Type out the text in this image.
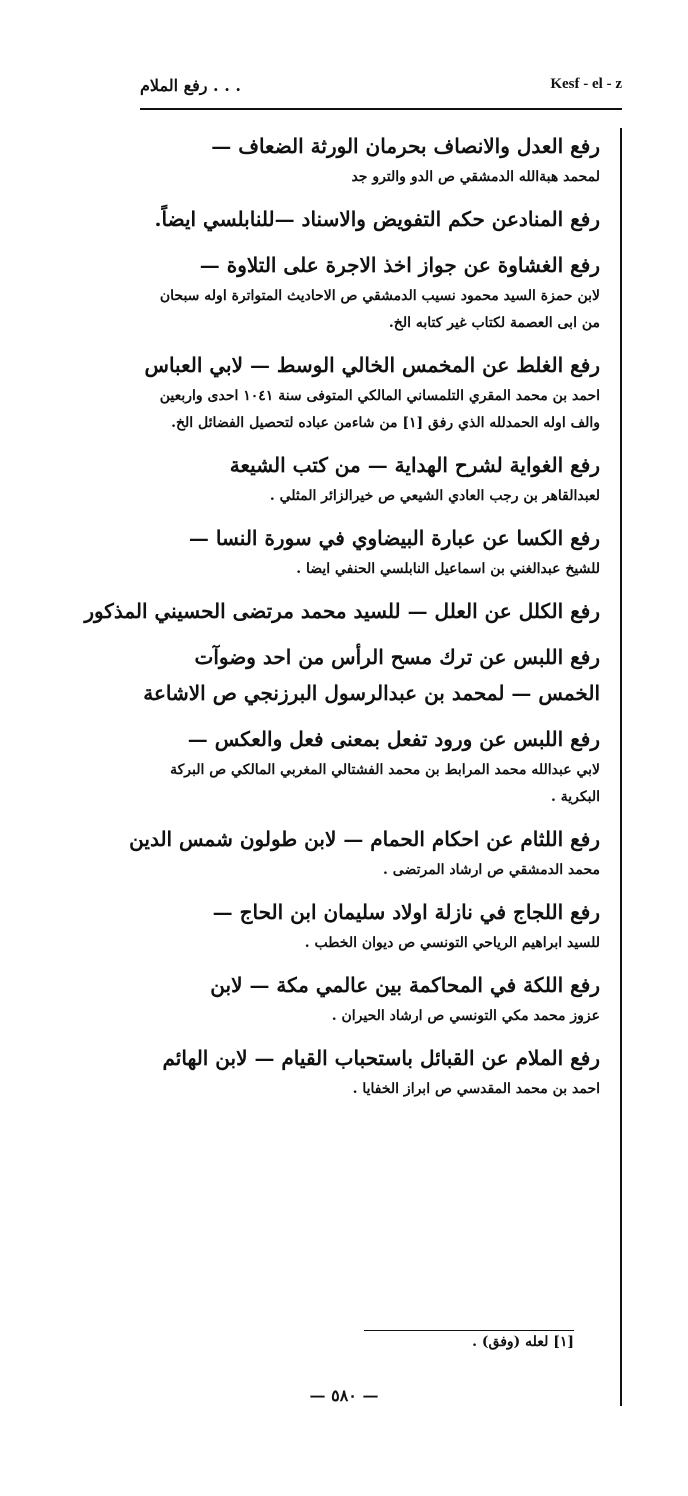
رفع الملام . . .	Kesf - el - z
رفع العدل والانصاف بحرمان الورثة الضعاف —
لمحمد هبةالله الدمشقي ص الدو والترو جد
رفع المنادعن حكم التفويض والاسناد —للنابلسي ايضاً.
رفع الغشاوة عن جواز اخذ الاجرة على التلاوة —
لابن حمزة السيد محمود نسيب الدمشقي ص الاحاديث المتواترة اوله سبحان من ابى العصمة لكتاب غير كتابه الخ.
رفع الغلط عن المخمس الخالي الوسط — لابي العباس
احمد بن محمد المقري التلمساني المالكي المتوفى سنة ١٠٤١ احدى واربعين والف اوله الحمدلله الذي رفق [١] من شاءمن عباده لتحصيل الفضائل الخ.
رفع الغواية لشرح الهداية — من كتب الشيعة
لعبدالقاهر بن رجب العادي الشيعي ص خيرالزائر المثلي .
رفع الكسا عن عبارة البيضاوي في سورة النسا —
للشيخ عبدالغني بن اسماعيل النابلسي الحنفي ايضا .
رفع الكلل عن العلل — للسيد محمد مرتضى الحسيني المذكور
رفع اللبس عن ترك مسح الرأس من احد وضوآت
الخمس — لمحمد بن عبدالرسول البرزنجي ص الاشاعة
رفع اللبس عن ورود تفعل بمعنى فعل والعكس —
لابي عبدالله محمد المرابط بن محمد الفشتالي المغربي المالكي ص البركة البكرية .
رفع اللثام عن احكام الحمام — لابن طولون شمس الدين
محمد الدمشقي ص ارشاد المرتضى .
رفع اللجاج في نازلة اولاد سليمان ابن الحاج —
للسيد ابراهيم الرياحي التونسي ص ديوان الخطب .
رفع اللكة في المحاكمة بين عالمي مكة — لابن
عزوز محمد مكي التونسي ص ارشاد الحيران .
رفع الملام عن القبائل باستحباب القيام — لابن الهائم
احمد بن محمد المقدسي ص ابراز الخفايا .
[١] لعله (وفق) .
— ٥٨٠ —
